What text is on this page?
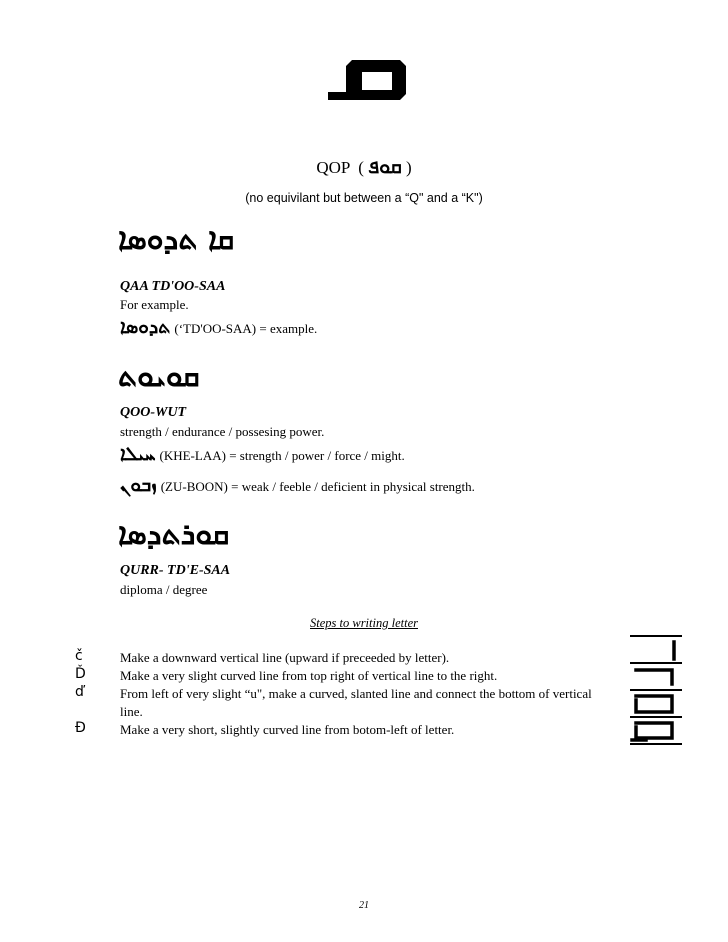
QOP ( ܩܘܦ )
(no equivilant but between a “Q" and a “K")
ܩܐ ܬܕܘܣܐ
QAA TD'OO-SAA
For example.
ܬܕܘܣܐ (‘TD'OO-SAA) = example.
ܩܘܝܘܬ
QOO-WUT
strength / endurance / possesing power.
ܚܝܠܐ (KHE-LAA) = strength / power / force / might.
ܙܒܘܢ (ZU-BOON) = weak / feeble / deficient in physical strength.
ܩܘܪܬܕܣܐ
QURR- TD'E-SAA
diploma / degree
Steps to writing letter
č	Make a downward vertical line (upward if preceeded by letter).
Ď	Make a very slight curved line from top right of vertical line to the right.
ď	From left of very slight “u", make a curved, slanted line and connect the bottom of vertical line.
Đ	Make a very short, slightly curved line from botom-left of letter.
21
